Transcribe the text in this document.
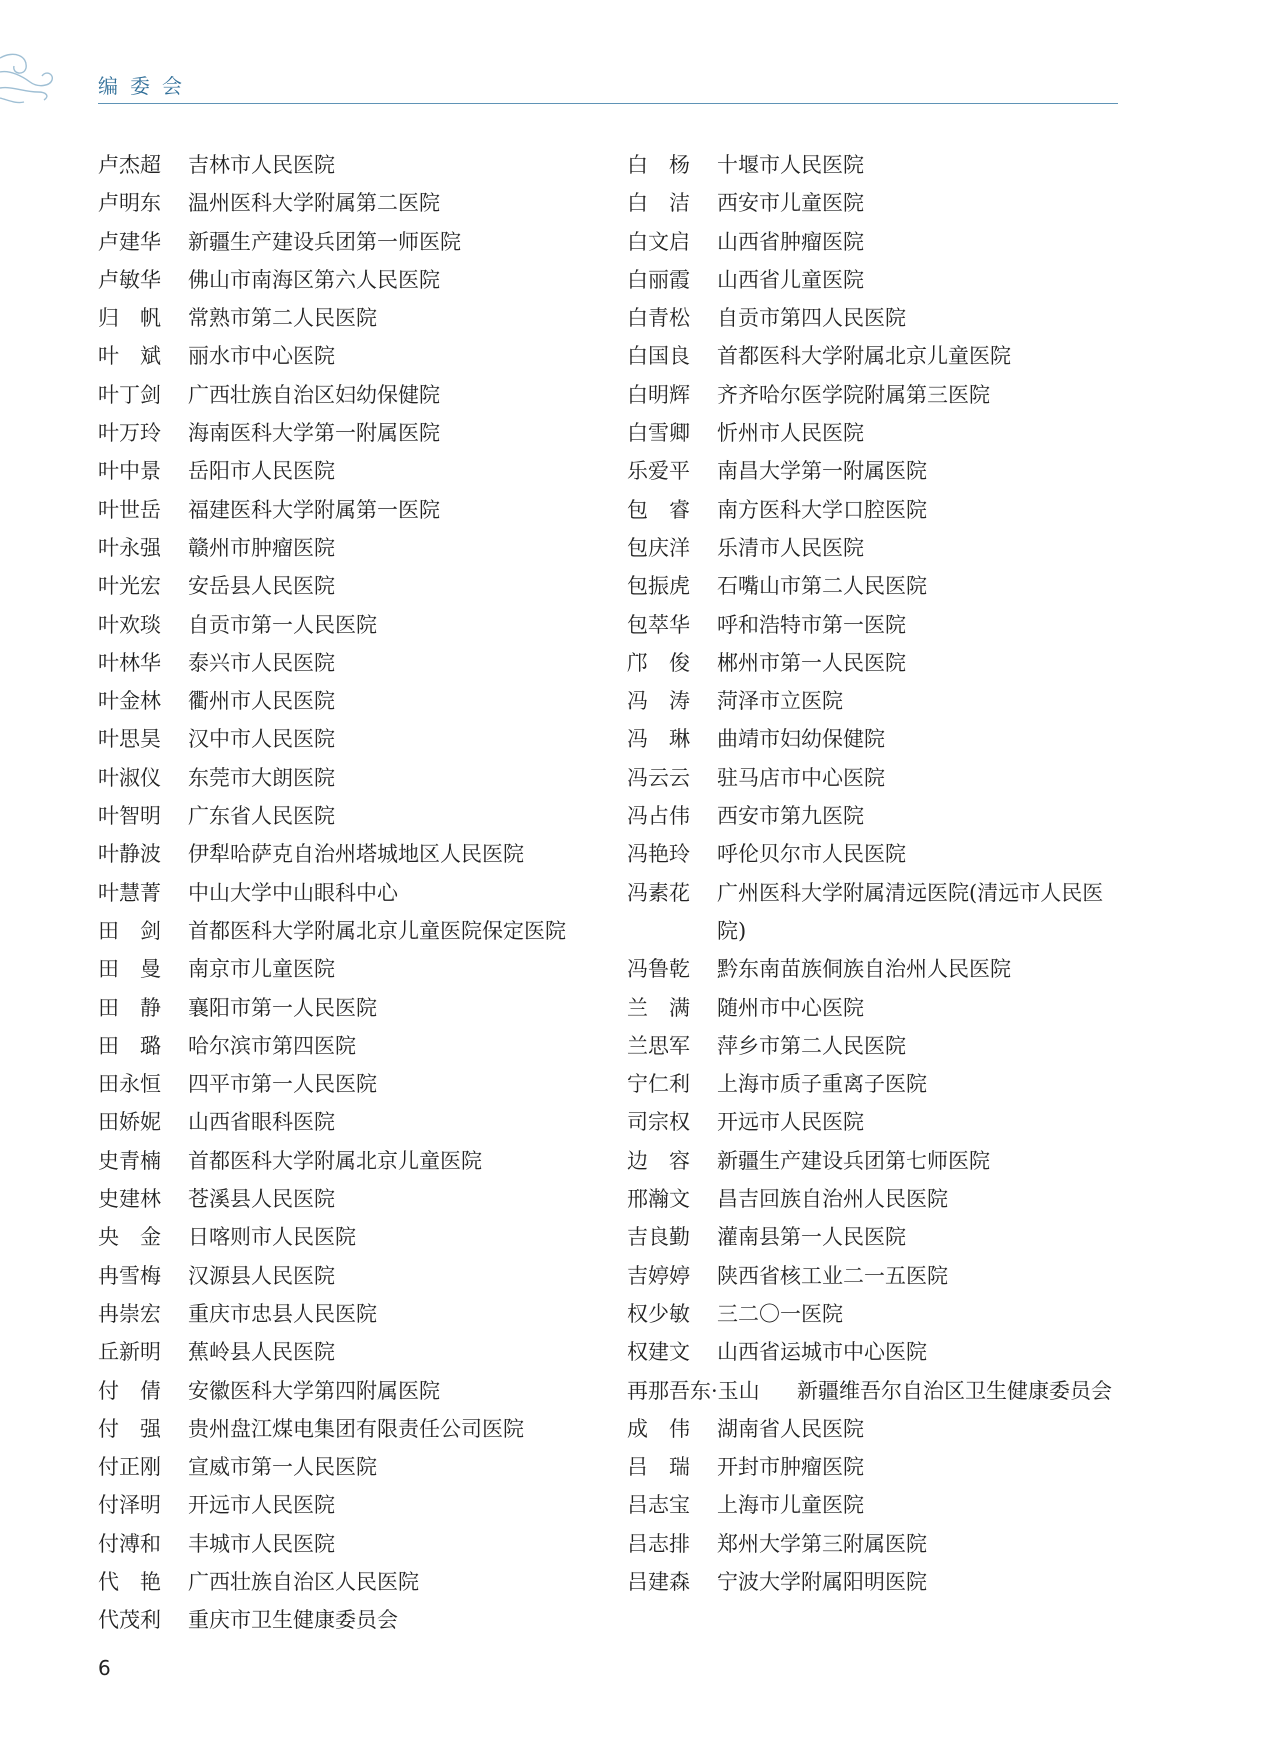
编委会
卢杰超	吉林市人民医院
卢明东	温州医科大学附属第二医院
卢建华	新疆生产建设兵团第一师医院
卢敏华	佛山市南海区第六人民医院
归　帆	常熟市第二人民医院
叶　斌	丽水市中心医院
叶丁剑	广西壮族自治区妇幼保健院
叶万玲	海南医科大学第一附属医院
叶中景	岳阳市人民医院
叶世岳	福建医科大学附属第一医院
叶永强	赣州市肿瘤医院
叶光宏	安岳县人民医院
叶欢琰	自贡市第一人民医院
叶林华	泰兴市人民医院
叶金林	衢州市人民医院
叶思昊	汉中市人民医院
叶淑仪	东莞市大朗医院
叶智明	广东省人民医院
叶静波	伊犁哈萨克自治州塔城地区人民医院
叶慧菁	中山大学中山眼科中心
田　剑	首都医科大学附属北京儿童医院保定医院
田　曼	南京市儿童医院
田　静	襄阳市第一人民医院
田　璐	哈尔滨市第四医院
田永恒	四平市第一人民医院
田娇妮	山西省眼科医院
史青楠	首都医科大学附属北京儿童医院
史建林	苍溪县人民医院
央　金	日喀则市人民医院
冉雪梅	汉源县人民医院
冉崇宏	重庆市忠县人民医院
丘新明	蕉岭县人民医院
付　倩	安徽医科大学第四附属医院
付　强	贵州盘江煤电集团有限责任公司医院
付正刚	宣威市第一人民医院
付泽明	开远市人民医院
付溥和	丰城市人民医院
代　艳	广西壮族自治区人民医院
代茂利	重庆市卫生健康委员会
白　杨	十堰市人民医院
白　洁	西安市儿童医院
白文启	山西省肿瘤医院
白丽霞	山西省儿童医院
白青松	自贡市第四人民医院
白国良	首都医科大学附属北京儿童医院
白明辉	齐齐哈尔医学院附属第三医院
白雪卿	忻州市人民医院
乐爱平	南昌大学第一附属医院
包　睿	南方医科大学口腔医院
包庆洋	乐清市人民医院
包振虎	石嘴山市第二人民医院
包萃华	呼和浩特市第一医院
邝　俊	郴州市第一人民医院
冯　涛	菏泽市立医院
冯　琳	曲靖市妇幼保健院
冯云云	驻马店市中心医院
冯占伟	西安市第九医院
冯艳玲	呼伦贝尔市人民医院
冯素花	广州医科大学附属清远医院(清远市人民医院)
冯鲁乾	黔东南苗族侗族自治州人民医院
兰　满	随州市中心医院
兰思军	萍乡市第二人民医院
宁仁利	上海市质子重离子医院
司宗权	开远市人民医院
边　容	新疆生产建设兵团第七师医院
邢瀚文	昌吉回族自治州人民医院
吉良勤	灌南县第一人民医院
吉婷婷	陕西省核工业二一五医院
权少敏	三二〇一医院
权建文	山西省运城市中心医院
再那吾东·玉山	新疆维吾尔自治区卫生健康委员会
成　伟	湖南省人民医院
吕　瑞	开封市肿瘤医院
吕志宝	上海市儿童医院
吕志排	郑州大学第三附属医院
吕建森	宁波大学附属阳明医院
6
